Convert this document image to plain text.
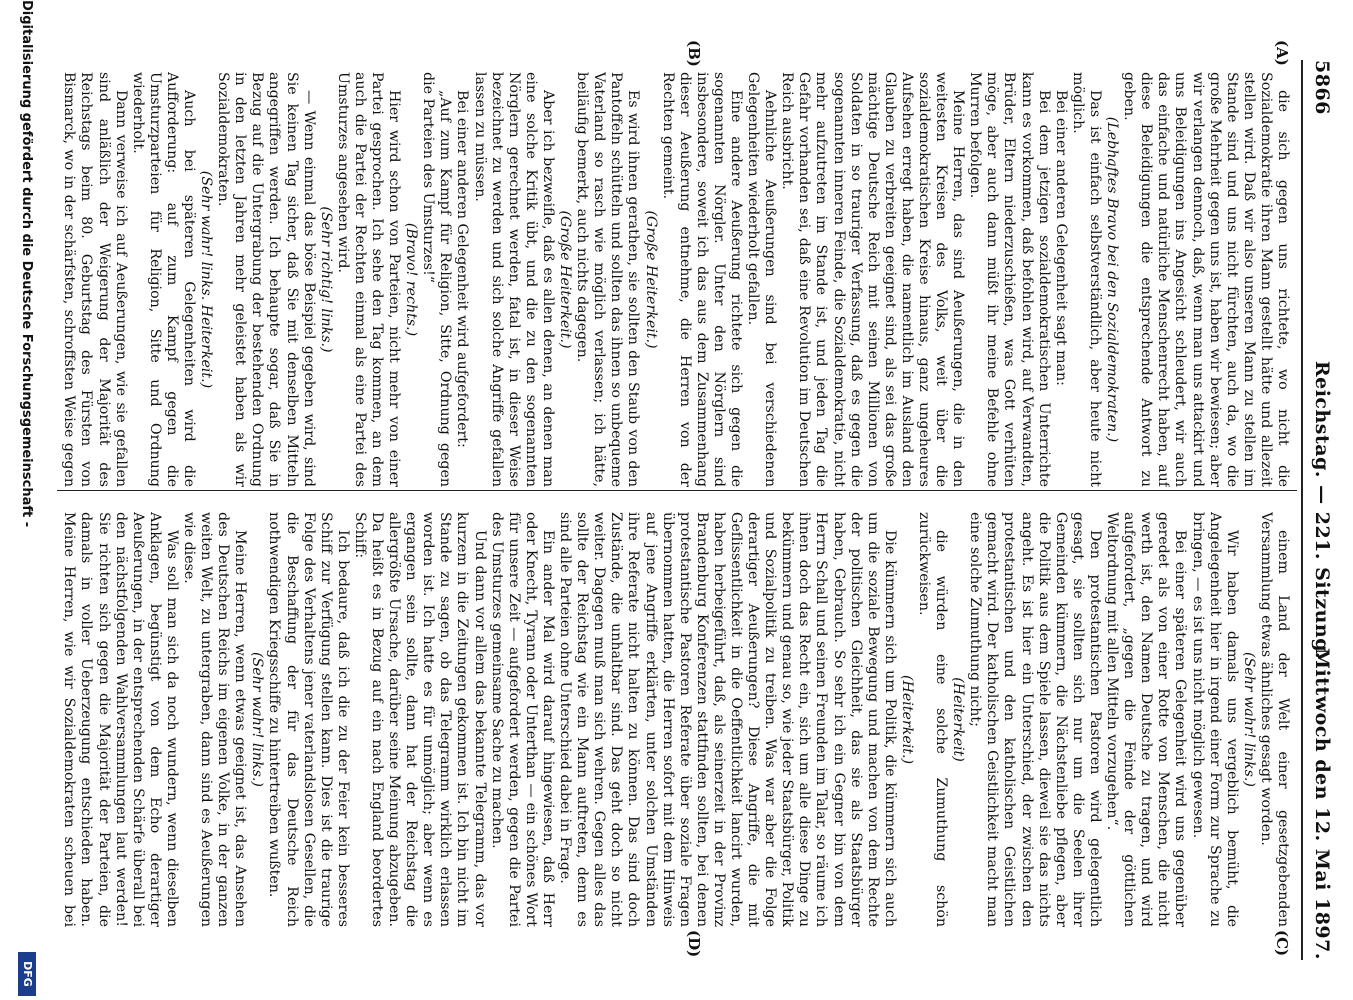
5866
Reichstag. — 221. Sitzung.
Mittwoch den 12. Mai 1897.
(A)
(B)
(C)
(D)

die sich gegen uns richtete, wo nicht die Sozialdemokratie ihren Mann gestellt hätte und allezeit stellen wird. Daß wir also unseren Mann zu stellen im Stande sind und uns nicht fürchten, auch da, wo die große Mehrheit gegen uns ist, haben wir bewiesen; aber wir verlangen dennoch, daß, wenn man uns attackirt und uns Beleidigungen ins Angesicht schleudert, wir auch das einfache und natürliche Menschenrecht haben, auf diese Beleidigungen die entsprechende Antwort zu geben.

(Lebhaftes Bravo bei den Sozialdemokraten.)

Das ist einfach selbstverständlich, aber heute nicht möglich.

Bei einer anderen Gelegenheit sagt man:

Bei dem jetzigen sozialdemokratischen Unterrichte kann es vorkommen, daß befohlen wird, auf Verwandten, Brüder, Eltern niederzuschießen, was Gott verhüten möge, aber auch dann müßt ihr meine Befehle ohne Murren befolgen.

Meine Herren, das sind Aeußerungen, die in den weitesten Kreisen des Volks, weit über die sozialdemokratischen Kreise hinaus, ganz ungeheures Aufsehen erregt haben, die namentlich im Ausland den Glauben zu verbreiten geeignet sind, als sei das große mächtige Deutsche Reich mit seinen Millionen von Soldaten in so trauriger Verfassung, daß es gegen die sogenannten inneren Feinde, die Sozialdemokratie, nicht mehr aufzutreten im Stande ist, und jeden Tag die Gefahr vorhanden sei, daß eine Revolution im Deutschen Reich ausbricht.

Aehnliche Aeußerungen sind bei verschiedenen Gelegenheiten wiederholt gefallen.

Eine andere Aeußerung richtete sich gegen die sogenannten Nörgler. Unter den Nörglern sind insbesondere, soweit ich das aus dem Zusammenhang dieser Aeußerung entnehme, die Herren von der Rechten gemeint.

(Große Heiterkeit.)

Es wird ihnen gerathen, sie sollten den Staub von den Pantoffeln schütteln und sollten das ihnen so unbequeme Vaterland so rasch wie möglich verlassen; ich hätte, beiläufig bemerkt, auch nichts dagegen.

(Große Heiterkeit.)

Aber ich bezweifle, daß es allen denen, an denen man eine solche Kritik übt, und die zu den sogenannten Nörglern gerechnet werden, fatal ist, in dieser Weise bezeichnet zu werden und sich solche Angriffe gefallen lassen zu müssen.

Bei einer anderen Gelegenheit wird aufgefordert:

„Auf zum Kampf für Religion, Sitte, Ordnung gegen die Parteien des Umsturzes!“

(Bravo! rechts.)

Hier wird schon von Parteien, nicht mehr von einer Partei gesprochen. Ich sehe den Tag kommen, an dem auch die Partei der Rechten einmal als eine Partei des Umsturzes angesehen wird.

(Sehr richtig! links.)

— Wenn einmal das böse Beispiel gegeben wird, sind Sie keinen Tag sicher, daß Sie mit denselben Mitteln angegriffen werden. Ich behaupte sogar, daß Sie in Bezug auf die Untergrabung der bestehenden Ordnung in den letzten Jahren mehr geleistet haben als wir Sozialdemokraten.

(Sehr wahr! links. Heiterkeit.)

Auch bei späteren Gelegenheiten wird die Aufforderung: auf zum Kampf gegen die Umsturzparteien für Religion, Sitte und Ordnung wiederholt.

Dann verweise ich auf Aeußerungen, wie sie gefallen sind anläßlich der Weigerung der Majorität des Reichstags beim 80. Geburtstag des Fürsten von Bismarck, wo in der schärfsten, schroffsten Weise gegen

einem Land der Welt einer gesetzgebenden Versammlung etwas ähnliches gesagt worden.

(Sehr wahr! links.)

Wir haben damals uns vergeblich bemüht, die Angelegenheit hier in irgend einer Form zur Sprache zu bringen, — es ist uns nicht möglich gewesen.

Bei einer späteren Gelegenheit wird uns gegenüber geredet als von einer Rotte von Menschen, die nicht werth ist, den Namen Deutsche zu tragen, und wird aufgefordert, „gegen die Feinde der göttlichen Weltordnung mit allen Mitteln vorzugehen“.

Den protestantischen Pastoren wird gelegentlich gesagt, sie sollten sich nur um die Seelen ihrer Gemeinden kümmern, die Nächstenliebe pflegen, aber die Politik aus dem Spiele lassen, dieweil sie das nichts angeht. Es ist hier ein Unterschied, der zwischen den protestantischen und den katholischen Geistlichen gemacht wird. Der katholischen Geistlichkeit macht man eine solche Zumuthung nicht;

(Heiterkeit)

die würden eine solche Zumuthung schön zurückweisen.

(Heiterkeit.)

Die kümmern sich um Politik, die kümmern sich auch um die soziale Bewegung und machen von dem Rechte der politischen Gleichheit, das sie als Staatsbürger haben, Gebrauch. So sehr ich ein Gegner bin von dem Herrn Schall und seinen Freunden im Talar, so räume ich ihnen doch das Recht ein, sich um alle diese Dinge zu bekümmern und genau so, wie jeder Staatsbürger, Politik und Sozialpolitik zu treiben. Was war aber die Folge derartiger Aeußerungen? Diese Angriffe, die mit Geflissentlichkeit in die Oeffentlichkeit lancirt wurden, haben herbeigeführt, daß, als seinerzeit in der Provinz Brandenburg Konferenzen stattfinden sollten, bei denen protestantische Pastoren Referate über soziale Fragen übernommen hatten, die Herren sofort mit dem Hinweis auf jene Angriffe erklärten, unter solchen Umständen ihre Referate nicht halten zu können. Das sind doch Zustände, die unhaltbar sind. Das geht doch so nicht weiter. Dagegen muß man sich wehren. Gegen alles das sollte der Reichstag wie ein Mann auftreten, denn es sind alle Parteien ohne Unterschied dabei in Frage.

Ein ander Mal wird darauf hingewiesen, daß Herr oder Knecht, Tyrann oder Unterthan — ein schönes Wort für unsere Zeit — aufgefordert werden, gegen die Partei des Umsturzes gemeinsame Sache zu machen.

Und dann vor allem das bekannte Telegramm, das vor kurzem in die Zeitungen gekommen ist. Ich bin nicht im Stande zu sagen, ob das Telegramm wirklich erlassen worden ist. Ich hatte es für unmöglich; aber wenn es ergangen sein sollte, dann hat der Reichstag die allergrößte Ursache, darüber seine Meinung abzugeben. Da heißt es in Bezug auf ein nach England beordertes Schiff:

Ich bedaure, daß ich die zu der Feier kein besseres Schiff zur Verfügung stellen kann. Dies ist die traurige Folge des Verhaltens jener vaterlandslosen Gesellen, die die Beschaffung der für das Deutsche Reich nothwendigen Kriegsschiffe zu hintertreiben wußten.

(Sehr wahr! links.)

Meine Herren, wenn etwas geeignet ist, das Ansehen des Deutschen Reichs im eigenen Volke, in der ganzen weiten Welt, zu untergraben, dann sind es Aeußerungen wie diese.

Was soll man sich da noch wundern, wenn dieselben Anklagen, begünstigt von dem Echo derartiger Aeußerungen, in der entsprechenden Schärfe überall bei den nächstfolgenden Wahlversammlungen laut werden! Sie richten sich gegen die Majorität der Parteien, die damals in voller Ueberzeugung entschieden haben. Meine Herren, wie wir Sozialdemokraten scheuen bei

Digitalisierung gefördert durch die Deutsche Forschungsgemeinschaft -
DFG
